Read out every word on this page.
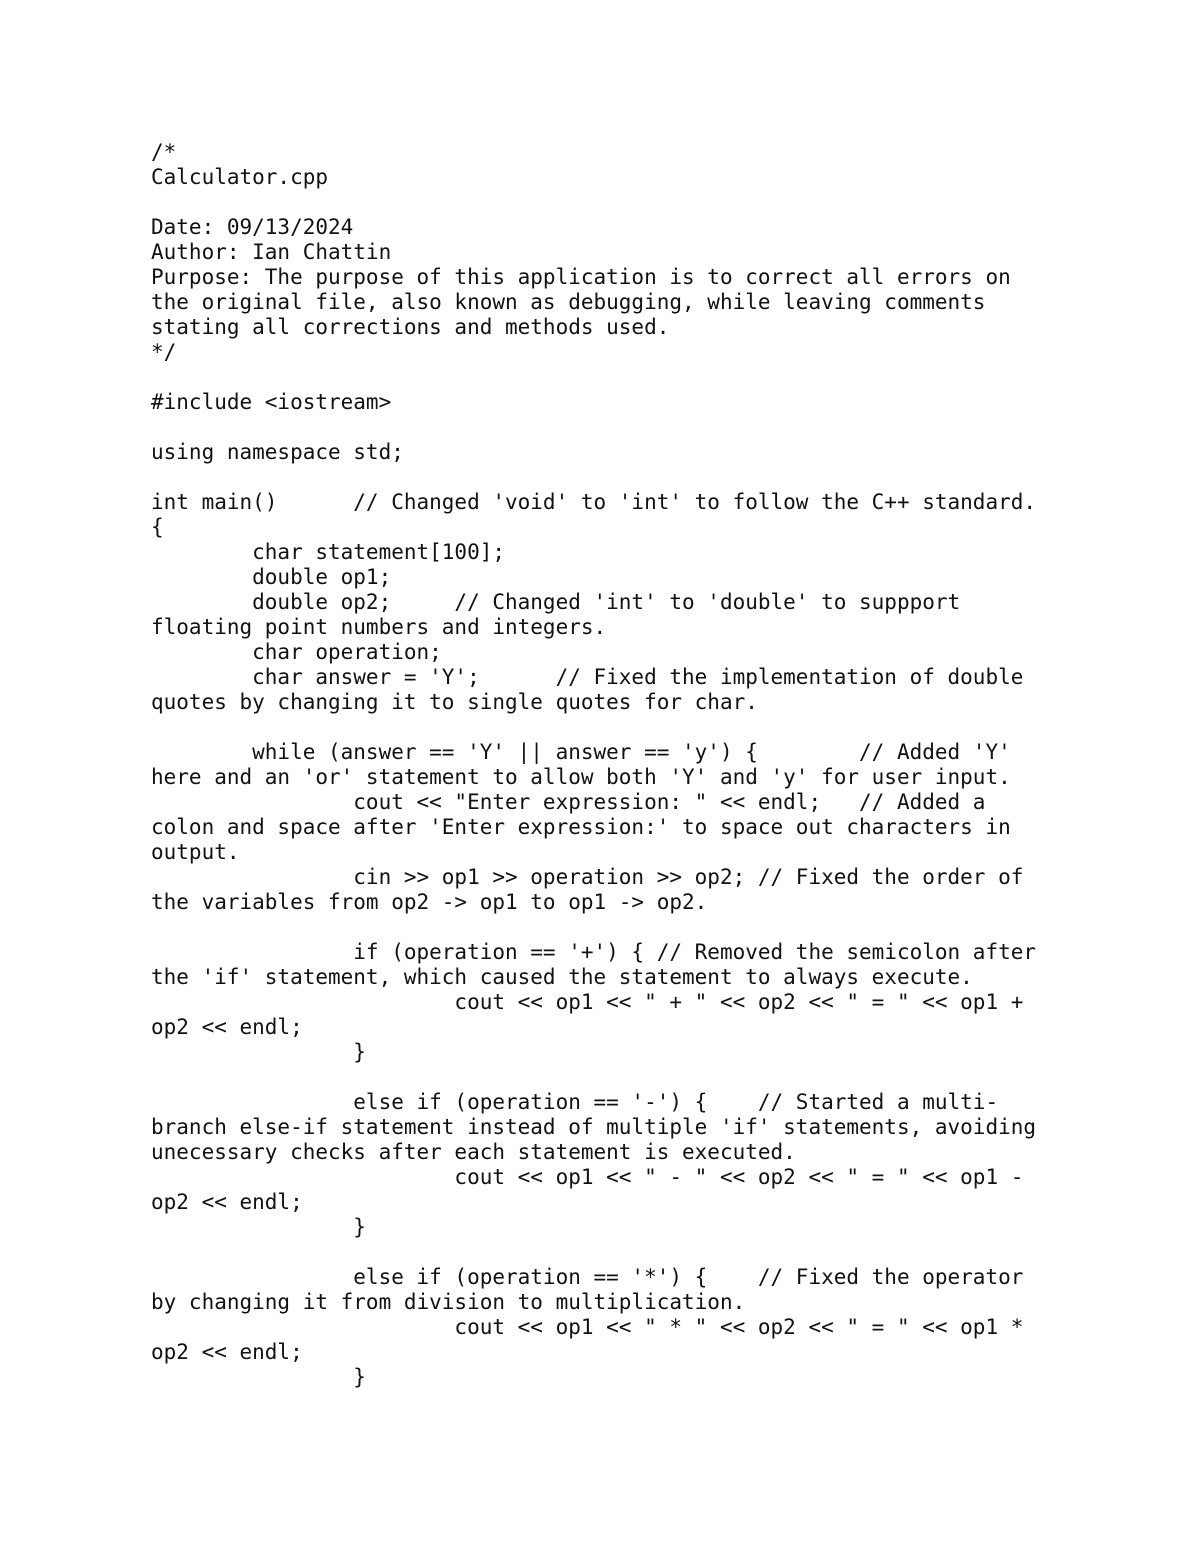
/*
Calculator.cpp
Date: 09/13/2024
Author: Ian Chattin
Purpose: The purpose of this application is to correct all errors on
the original file, also known as debugging, while leaving comments
stating all corrections and methods used.
*/
#include <iostream>
using namespace std;
int main()      // Changed 'void' to 'int' to follow the C++ standard.
{
char statement[100];
double op1;
double op2;     // Changed 'int' to 'double' to suppport
floating point numbers and integers.
char operation;
char answer = 'Y';      // Fixed the implementation of double
quotes by changing it to single quotes for char.
while (answer == 'Y' || answer == 'y') {        // Added 'Y'
here and an 'or' statement to allow both 'Y' and 'y' for user input.
cout << "Enter expression: " << endl;   // Added a
colon and space after 'Enter expression:' to space out characters in
output.
cin >> op1 >> operation >> op2; // Fixed the order of
the variables from op2 -> op1 to op1 -> op2.
if (operation == '+') { // Removed the semicolon after
the 'if' statement, which caused the statement to always execute.
cout << op1 << " + " << op2 << " = " << op1 +
op2 << endl;
}
else if (operation == '-') {    // Started a multi-
branch else-if statement instead of multiple 'if' statements, avoiding
unecessary checks after each statement is executed.
cout << op1 << " - " << op2 << " = " << op1 -
op2 << endl;
}
else if (operation == '*') {    // Fixed the operator
by changing it from division to multiplication.
cout << op1 << " * " << op2 << " = " << op1 *
op2 << endl;
}
